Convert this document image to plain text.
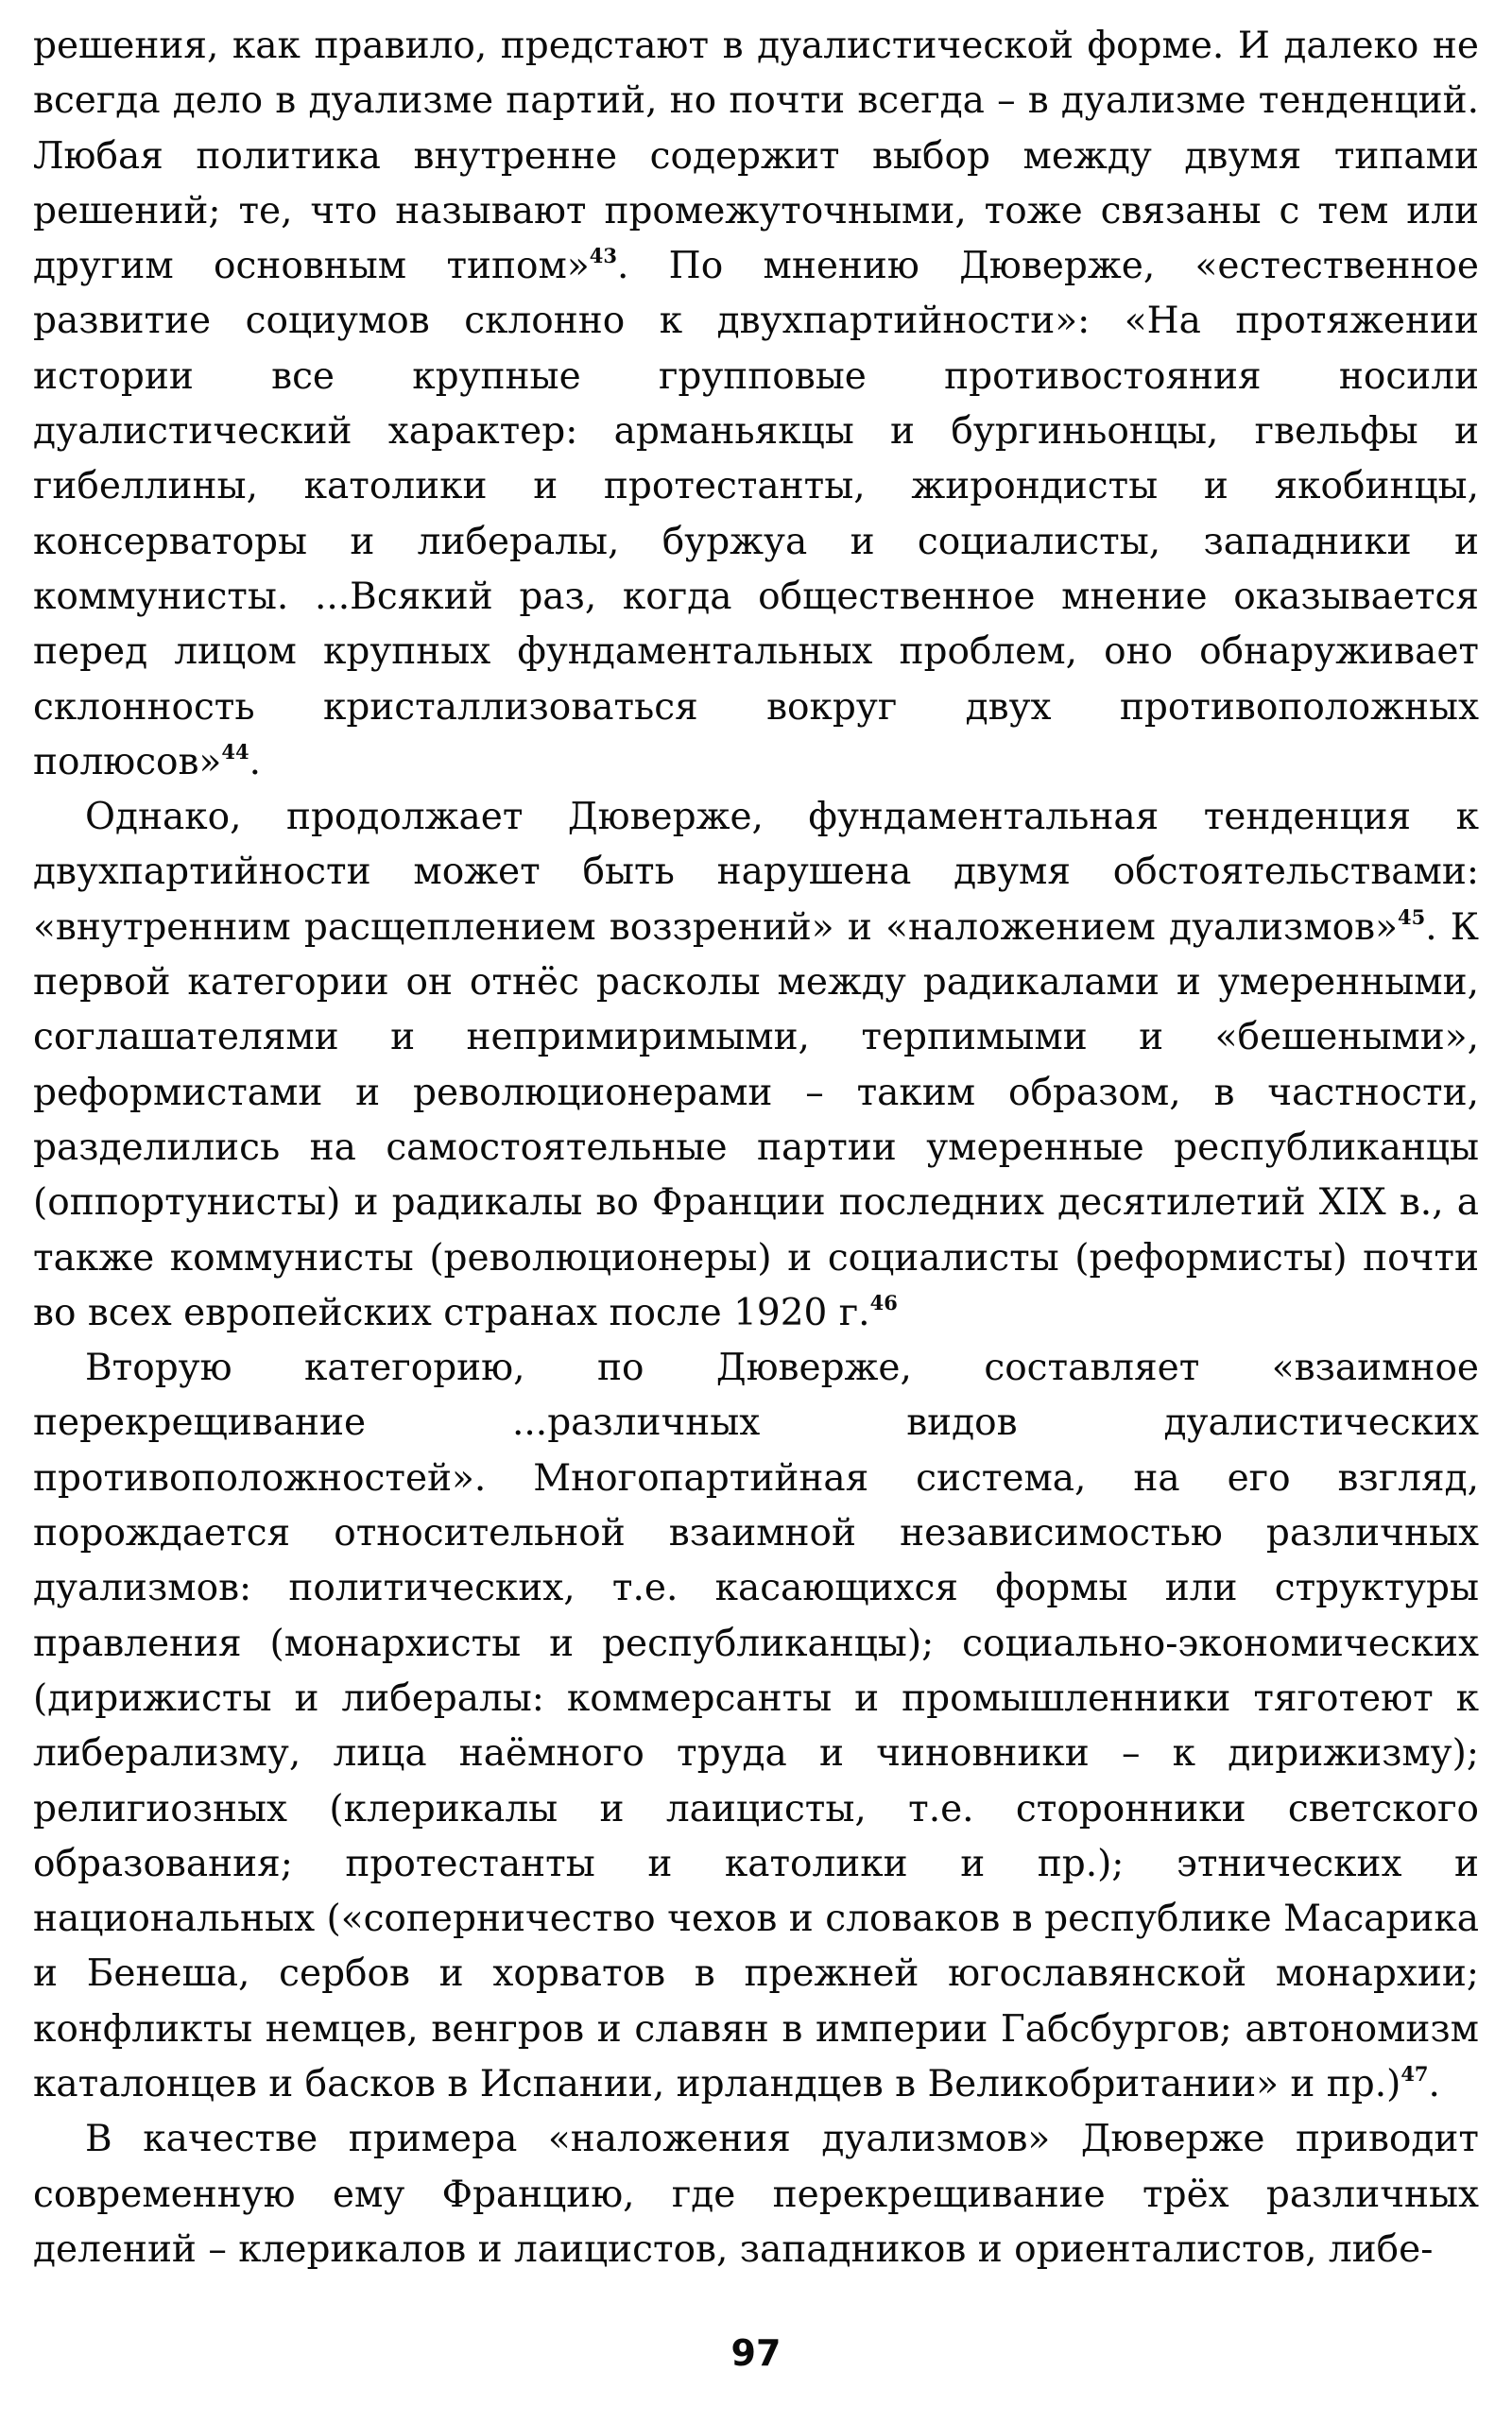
решения, как правило, предстают в дуалистической форме. И далеко не всегда дело в дуализме партий, но почти всегда – в дуализме тенденций. Любая политика внутренне содержит выбор между двумя типами решений; те, что называют промежуточными, тоже связаны с тем или другим основным типом»$^{43}$. По мнению Дюверже, «естественное развитие социумов склонно к двухпартийности»: «На протяжении истории все крупные групповые противостояния носили дуалистический характер: арманьякцы и бургиньонцы, гвельфы и гибеллины, католики и протестанты, жирондисты и якобинцы, консерваторы и либералы, буржуа и социалисты, западники и коммунисты. ...Всякий раз, когда общественное мнение оказывается перед лицом крупных фундаментальных проблем, оно обнаруживает склонность кристаллизоваться вокруг двух противоположных полюсов»$^{44}$.

Однако, продолжает Дюверже, фундаментальная тенденция к двухпартийности может быть нарушена двумя обстоятельствами: «внутренним расщеплением воззрений» и «наложением дуализмов»$^{45}$. К первой категории он отнёс расколы между радикалами и умеренными, соглашателями и непримиримыми, терпимыми и «бешеными», реформистами и революционерами – таким образом, в частности, разделились на самостоятельные партии умеренные республиканцы (оппортунисты) и радикалы во Франции последних десятилетий XIX в., а также коммунисты (революционеры) и социалисты (реформисты) почти во всех европейских странах после 1920 г.$^{46}$

Вторую категорию, по Дюверже, составляет «взаимное перекрещивание ...различных видов дуалистических противоположностей». Многопартийная система, на его взгляд, порождается относительной взаимной независимостью различных дуализмов: политических, т.е. касающихся формы или структуры правления (монархисты и республиканцы); социально-экономических (дирижисты и либералы: коммерсанты и промышленники тяготеют к либерализму, лица наёмного труда и чиновники – к дирижизму); религиозных (клерикалы и лаицисты, т.е. сторонники светского образования; протестанты и католики и пр.); этнических и национальных («соперничество чехов и словаков в республике Масарика и Бенеша, сербов и хорватов в прежней югославянской монархии; конфликты немцев, венгров и славян в империи Габсбургов; автономизм каталонцев и басков в Испании, ирландцев в Великобритании» и пр.)$^{47}$.

В качестве примера «наложения дуализмов» Дюверже приводит современную ему Францию, где перекрещивание трёх различных делений – клерикалов и лаицистов, западников и ориенталистов, либе-

97
